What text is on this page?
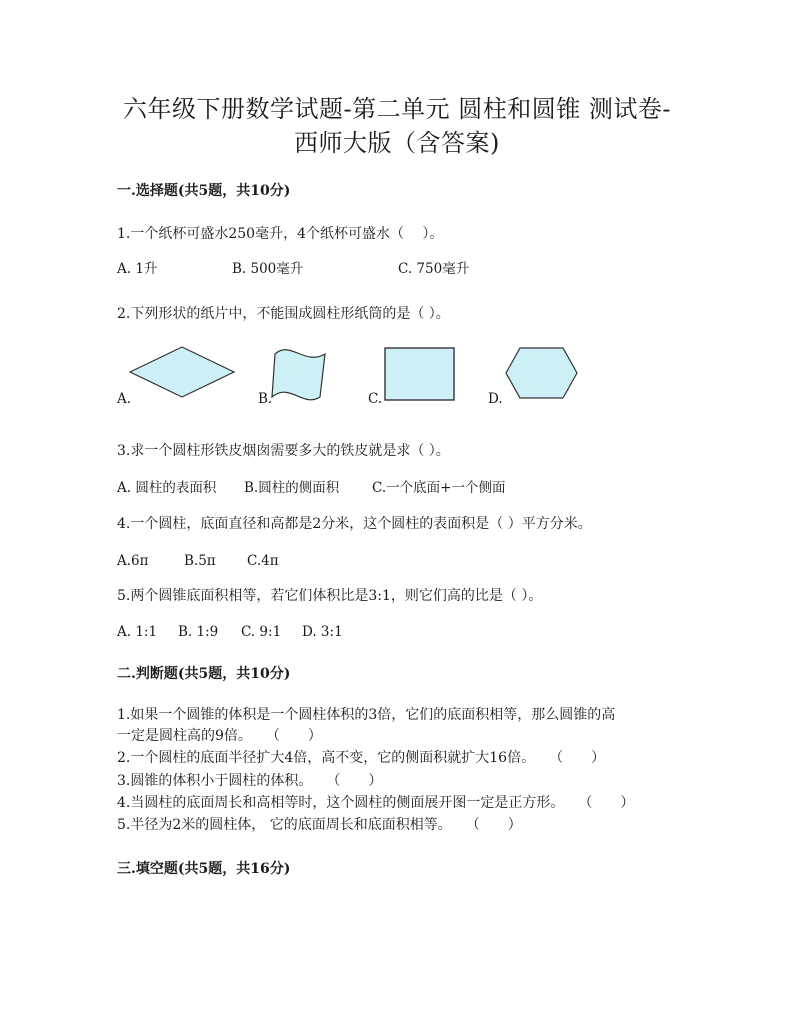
六年级下册数学试题-第二单元 圆柱和圆锥 测试卷-
西师大版（含答案)
一.选择题(共5题，共10分)
1.一个纸杯可盛水250毫升，4个纸杯可盛水（　 ）。
A. 1升	B. 500毫升	C. 750毫升
2.下列形状的纸片中，不能围成圆柱形纸筒的是（ ）。
A.	B.	C.	D.
3.求一个圆柱形铁皮烟囱需要多大的铁皮就是求（ ）。
A. 圆柱的表面积 B.圆柱的侧面积 C.一个底面+一个侧面
4.一个圆柱，底面直径和高都是2分米，这个圆柱的表面积是（ ）平方分米。
A.6π	B.5π C.4π
5.两个圆锥底面积相等，若它们体积比是3:1，则它们高的比是（ ）。
A. 1:1 B. 1:9 C. 9:1 D. 3:1
二.判断题(共5题，共10分)
1.如果一个圆锥的体积是一个圆柱体积的3倍，它们的底面积相等，那么圆锥的高
一定是圆柱高的9倍。　　（　　）
2.一个圆柱的底面半径扩大4倍，高不变，它的侧面积就扩大16倍。　　（　　）
3.圆锥的体积小于圆柱的体积。　　（　　）
4.当圆柱的底面周长和高相等时，这个圆柱的侧面展开图一定是正方形。　　（　　）
5.半径为2米的圆柱体， 它的底面周长和底面积相等。　　（　　）
三.填空题(共5题，共16分)
